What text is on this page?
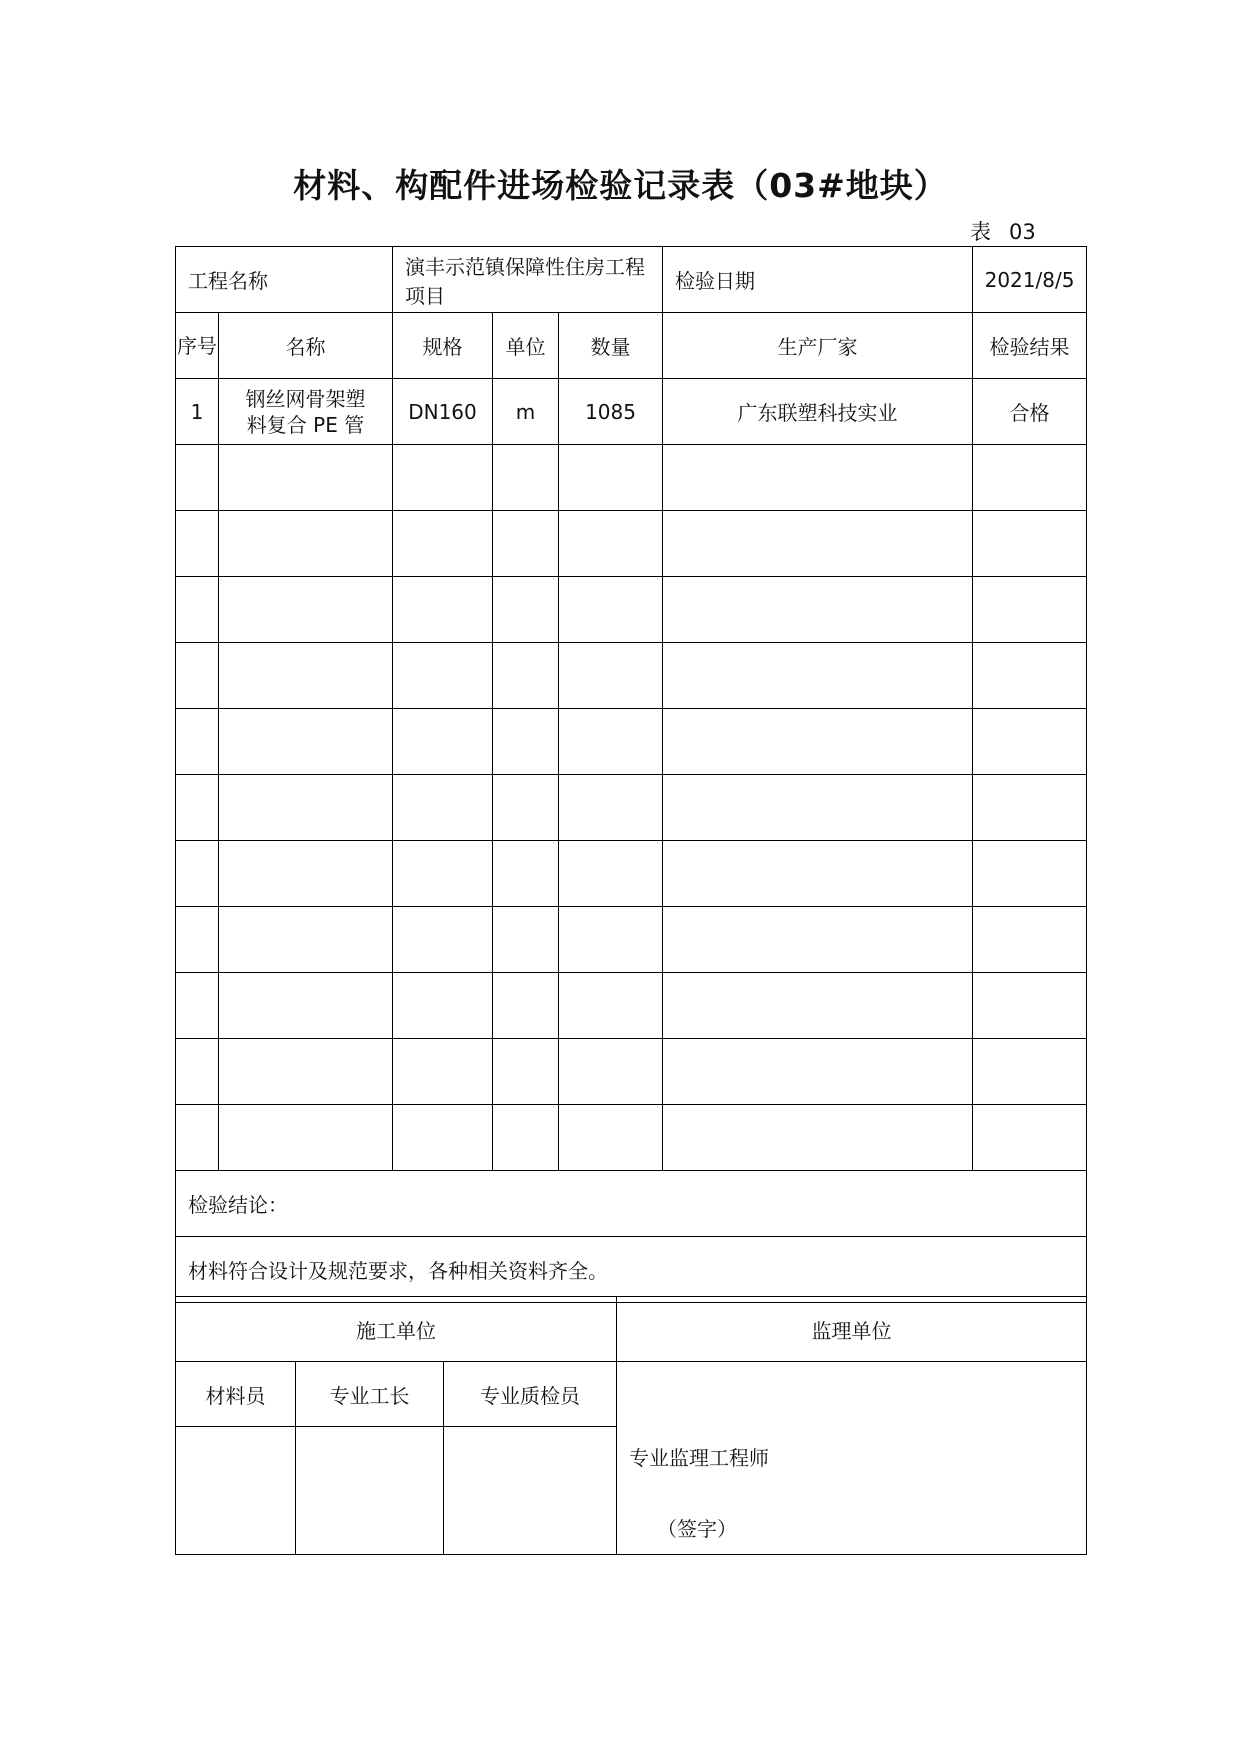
材料、构配件进场检验记录表（03#地块）
表 03
工程名称		演丰示范镇保障性住房工程项目			检验日期	2021/8/5
序号	名称	规格	单位	数量	生产厂家	检验结果
1	钢丝网骨架塑料复合 PE 管	DN160	m	1085	广东联塑科技实业	合格

检验结论：						
材料符合设计及规范要求，各种相关资料齐全。						
施工单位			监理单位
材料员	专业工长	专业质检员	专业监理工程师
（签字）
